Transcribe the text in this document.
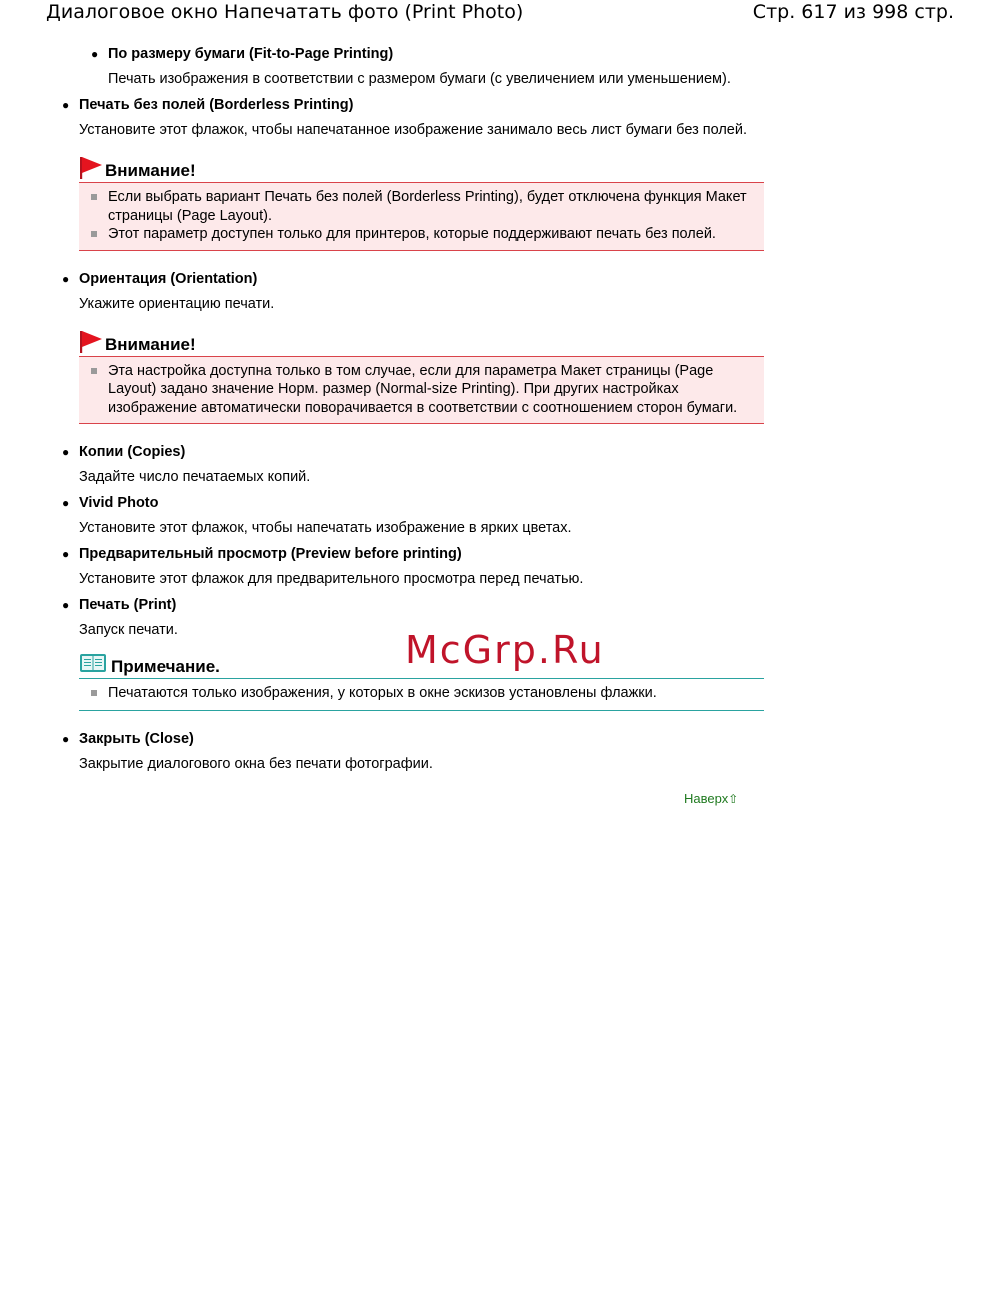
Диалоговое окно Напечатать фото (Print Photo)	Стр. 617 из 998 стр.
● По размеру бумаги (Fit-to-Page Printing)

Печать изображения в соответствии с размером бумаги (с увеличением или уменьшением).

● Печать без полей (Borderless Printing)

Установите этот флажок, чтобы напечатанное изображение занимало весь лист бумаги без полей.

Внимание!
Если выбрать вариант Печать без полей (Borderless Printing), будет отключена функция Макет страницы (Page Layout).
Этот параметр доступен только для принтеров, которые поддерживают печать без полей.
● Ориентация (Orientation)

Укажите ориентацию печати.

Внимание!
Эта настройка доступна только в том случае, если для параметра Макет страницы (Page Layout) задано значение Норм. размер (Normal-size Printing). При других настройках изображение автоматически поворачивается в соответствии с соотношением сторон бумаги.
● Копии (Copies)

Задайте число печатаемых копий.

● Vivid Photo

Установите этот флажок, чтобы напечатать изображение в ярких цветах.

● Предварительный просмотр (Preview before printing)

Установите этот флажок для предварительного просмотра перед печатью.

● Печать (Print)

Запуск печати.

Примечание.
Печатаются только изображения, у которых в окне эскизов установлены флажки.
● Закрыть (Close)

Закрытие диалогового окна без печати фотографии.

Наверх⇧
McGrp.Ru
